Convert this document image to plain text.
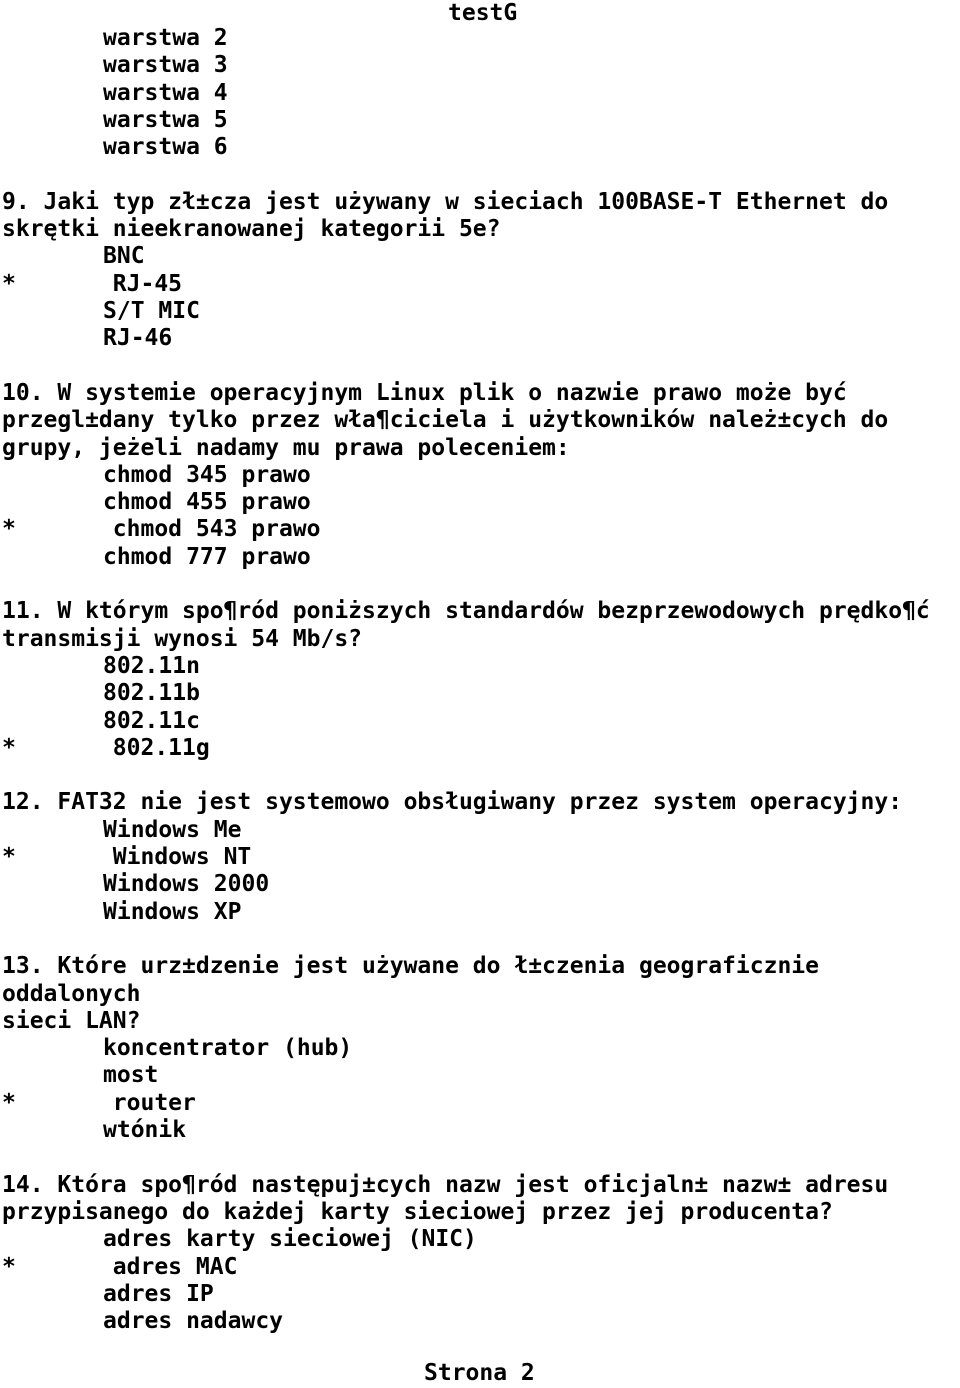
testG
warstwa 2
warstwa 3
warstwa 4
warstwa 5
warstwa 6
9. Jaki typ zł±cza jest używany w sieciach 100BASE-T Ethernet do
skrętki nieekranowanej kategorii 5e?
BNC
*	RJ-45
S/T MIC
RJ-46
10. W systemie operacyjnym Linux plik o nazwie prawo może być
przegl±dany tylko przez wła¶ciciela i użytkowników należ±cych do
grupy, jeżeli nadamy mu prawa poleceniem:
chmod 345 prawo
chmod 455 prawo
*	chmod 543 prawo
chmod 777 prawo
11. W którym spo¶ród poniższych standardów bezprzewodowych prędko¶ć
transmisji wynosi 54 Mb/s?
802.11n
802.11b
802.11c
*	802.11g
12. FAT32 nie jest systemowo obsługiwany przez system operacyjny:
Windows Me
*	Windows NT
Windows 2000
Windows XP
13. Które urz±dzenie jest używane do ł±czenia geograficznie
oddalonych
sieci LAN?
koncentrator (hub)
most
*	router
wtónik
14. Która spo¶ród następuj±cych nazw jest oficjaln± nazw± adresu
przypisanego do każdej karty sieciowej przez jej producenta?
adres karty sieciowej (NIC)
*	adres MAC
adres IP
adres nadawcy
Strona 2
